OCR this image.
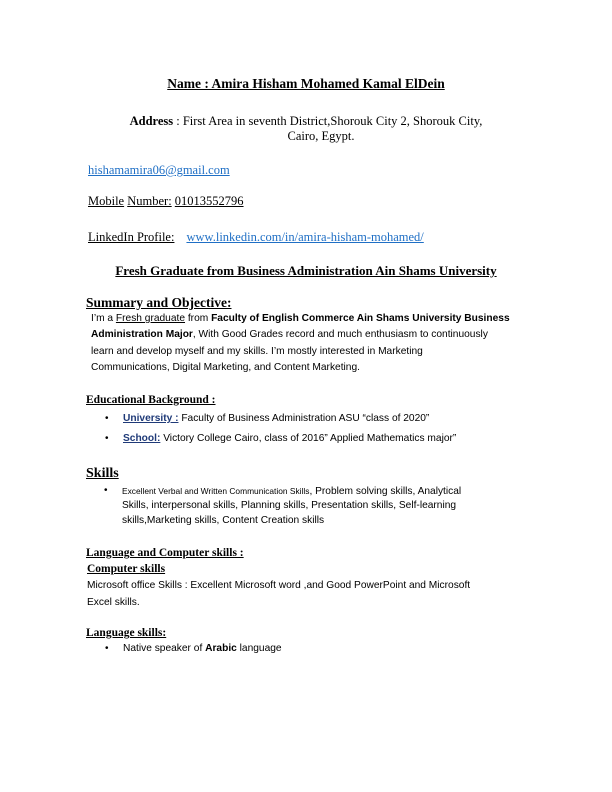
Name : Amira Hisham Mohamed Kamal ElDein
Address : First Area in seventh District,Shorouk City 2, Shorouk City,
Cairo, Egypt.
hishamamira06@gmail.com
Mobile Number: 01013552796
LinkedIn Profile: www.linkedin.com/in/amira-hisham-mohamed/
Fresh Graduate from Business Administration Ain Shams University
Summary and Objective:
I’m a Fresh graduate from Faculty of English Commerce Ain Shams University Business
Administration Major, With Good Grades record and much enthusiasm to continuously
learn and develop myself and my skills. I’m mostly interested in Marketing
Communications, Digital Marketing, and Content Marketing.
Educational Background :
• University : Faculty of Business Administration ASU “class of 2020”
• School: Victory College Cairo, class of 2016” Applied Mathematics major”
Skills
• Excellent Verbal and Written Communication Skills, Problem solving skills, Analytical
Skills, interpersonal skills, Planning skills, Presentation skills, Self-learning
skills,Marketing skills, Content Creation skills
Language and Computer skills :
Computer skills
Microsoft office Skills : Excellent Microsoft word ,and Good PowerPoint and Microsoft
Excel skills.
Language skills:
• Native speaker of Arabic language
